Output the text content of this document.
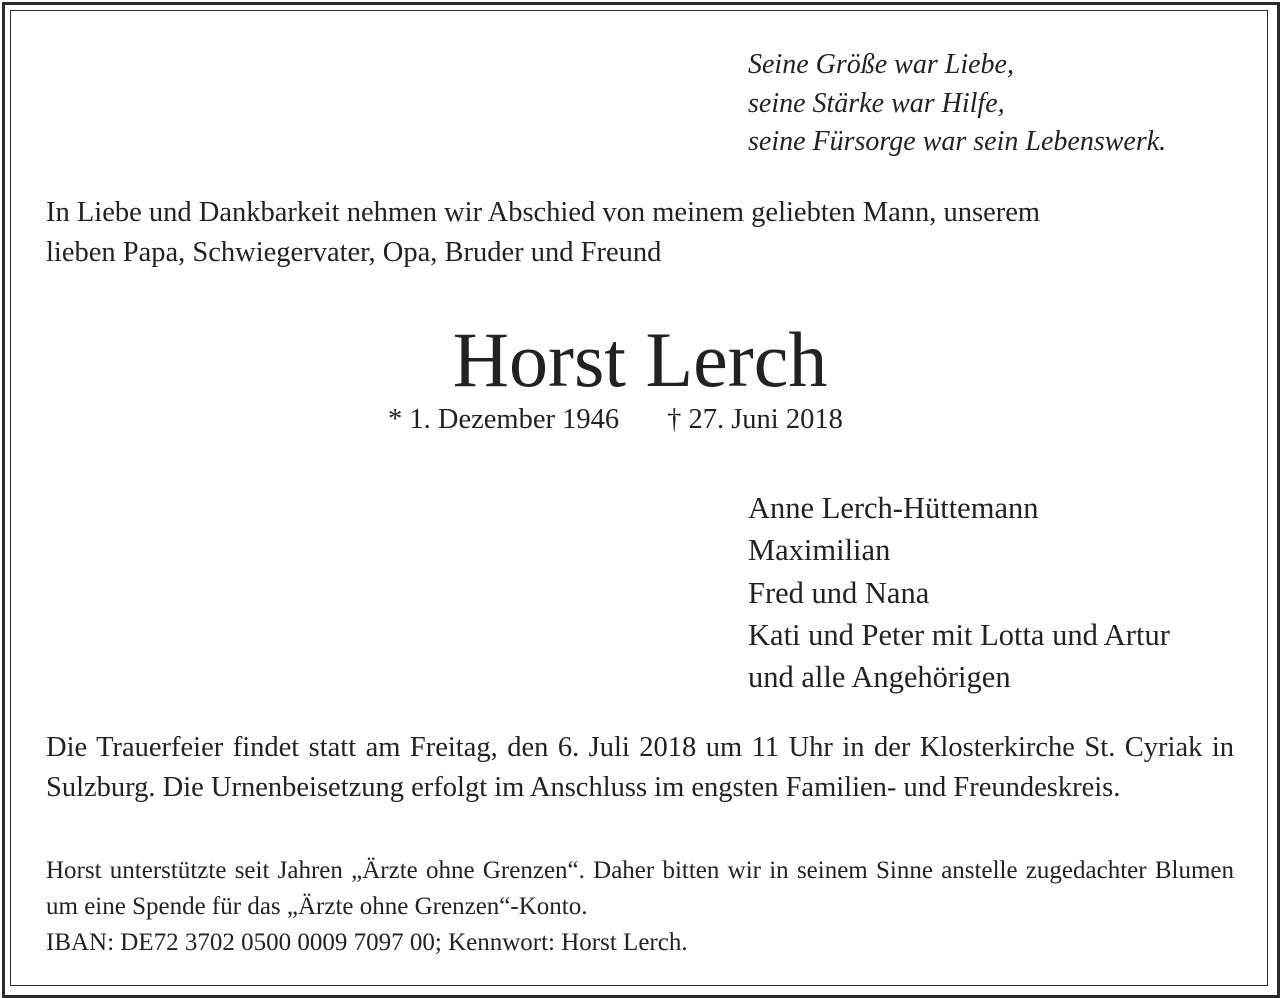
Seine Größe war Liebe,
seine Stärke war Hilfe,
seine Fürsorge war sein Lebenswerk.
In Liebe und Dankbarkeit nehmen wir Abschied von meinem geliebten Mann, unserem
lieben Papa, Schwiegervater, Opa, Bruder und Freund
Horst Lerch
* 1. Dezember 1946 † 27. Juni 2018
Anne Lerch-Hüttemann
Maximilian
Fred und Nana
Kati und Peter mit Lotta und Artur
und alle Angehörigen
Die Trauerfeier findet statt am Freitag, den 6. Juli 2018 um 11 Uhr in der Klosterkirche St. Cyriak in Sulzburg. Die Urnenbeisetzung erfolgt im Anschluss im engsten Familien- und Freundeskreis.
Horst unterstützte seit Jahren „Ärzte ohne Grenzen“. Daher bitten wir in seinem Sinne anstelle zugedachter Blumen um eine Spende für das „Ärzte ohne Grenzen“-Konto.
IBAN: DE72 3702 0500 0009 7097 00; Kennwort: Horst Lerch.
